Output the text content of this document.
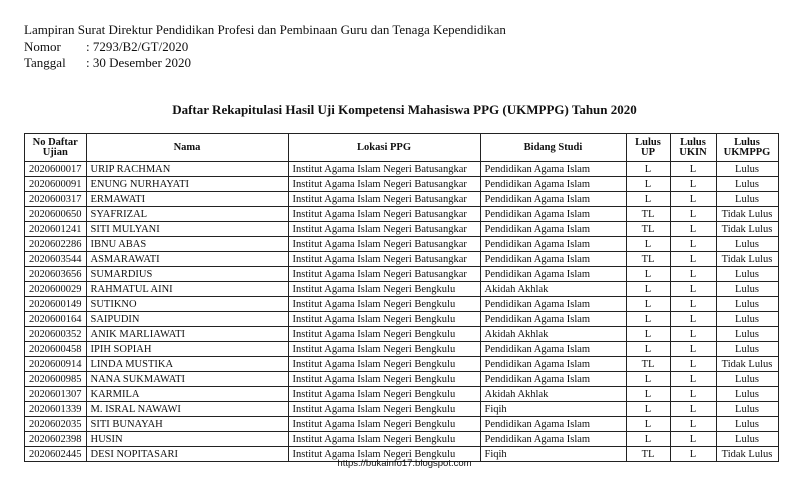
Lampiran Surat Direktur Pendidikan Profesi dan Pembinaan Guru dan Tenaga Kependidikan
Nomor	: 7293/B2/GT/2020
Tanggal	: 30 Desember 2020
Daftar Rekapitulasi Hasil Uji Kompetensi Mahasiswa PPG (UKMPPG) Tahun 2020
No Daftar Ujian	Nama	Lokasi PPG	Bidang Studi	Lulus UP	Lulus UKIN	Lulus UKMPPG
2020600017	URIP RACHMAN	Institut Agama Islam Negeri Batusangkar	Pendidikan Agama Islam	L	L	Lulus
2020600091	ENUNG NURHAYATI	Institut Agama Islam Negeri Batusangkar	Pendidikan Agama Islam	L	L	Lulus
2020600317	ERMAWATI	Institut Agama Islam Negeri Batusangkar	Pendidikan Agama Islam	L	L	Lulus
2020600650	SYAFRIZAL	Institut Agama Islam Negeri Batusangkar	Pendidikan Agama Islam	TL	L	Tidak Lulus
2020601241	SITI MULYANI	Institut Agama Islam Negeri Batusangkar	Pendidikan Agama Islam	TL	L	Tidak Lulus
2020602286	IBNU ABAS	Institut Agama Islam Negeri Batusangkar	Pendidikan Agama Islam	L	L	Lulus
2020603544	ASMARAWATI	Institut Agama Islam Negeri Batusangkar	Pendidikan Agama Islam	TL	L	Tidak Lulus
2020603656	SUMARDIUS	Institut Agama Islam Negeri Batusangkar	Pendidikan Agama Islam	L	L	Lulus
2020600029	RAHMATUL AINI	Institut Agama Islam Negeri Bengkulu	Akidah Akhlak	L	L	Lulus
2020600149	SUTIKNO	Institut Agama Islam Negeri Bengkulu	Pendidikan Agama Islam	L	L	Lulus
2020600164	SAIPUDIN	Institut Agama Islam Negeri Bengkulu	Pendidikan Agama Islam	L	L	Lulus
2020600352	ANIK MARLIAWATI	Institut Agama Islam Negeri Bengkulu	Akidah Akhlak	L	L	Lulus
2020600458	IPIH SOPIAH	Institut Agama Islam Negeri Bengkulu	Pendidikan Agama Islam	L	L	Lulus
2020600914	LINDA MUSTIKA	Institut Agama Islam Negeri Bengkulu	Pendidikan Agama Islam	TL	L	Tidak Lulus
2020600985	NANA SUKMAWATI	Institut Agama Islam Negeri Bengkulu	Pendidikan Agama Islam	L	L	Lulus
2020601307	KARMILA	Institut Agama Islam Negeri Bengkulu	Akidah Akhlak	L	L	Lulus
2020601339	M. ISRAL NAWAWI	Institut Agama Islam Negeri Bengkulu	Fiqih	L	L	Lulus
2020602035	SITI BUNAYAH	Institut Agama Islam Negeri Bengkulu	Pendidikan Agama Islam	L	L	Lulus
2020602398	HUSIN	Institut Agama Islam Negeri Bengkulu	Pendidikan Agama Islam	L	L	Lulus
2020602445	DESI NOPITASARI	Institut Agama Islam Negeri Bengkulu	Fiqih	TL	L	Tidak Lulus
https://bukainfo17.blogspot.com
